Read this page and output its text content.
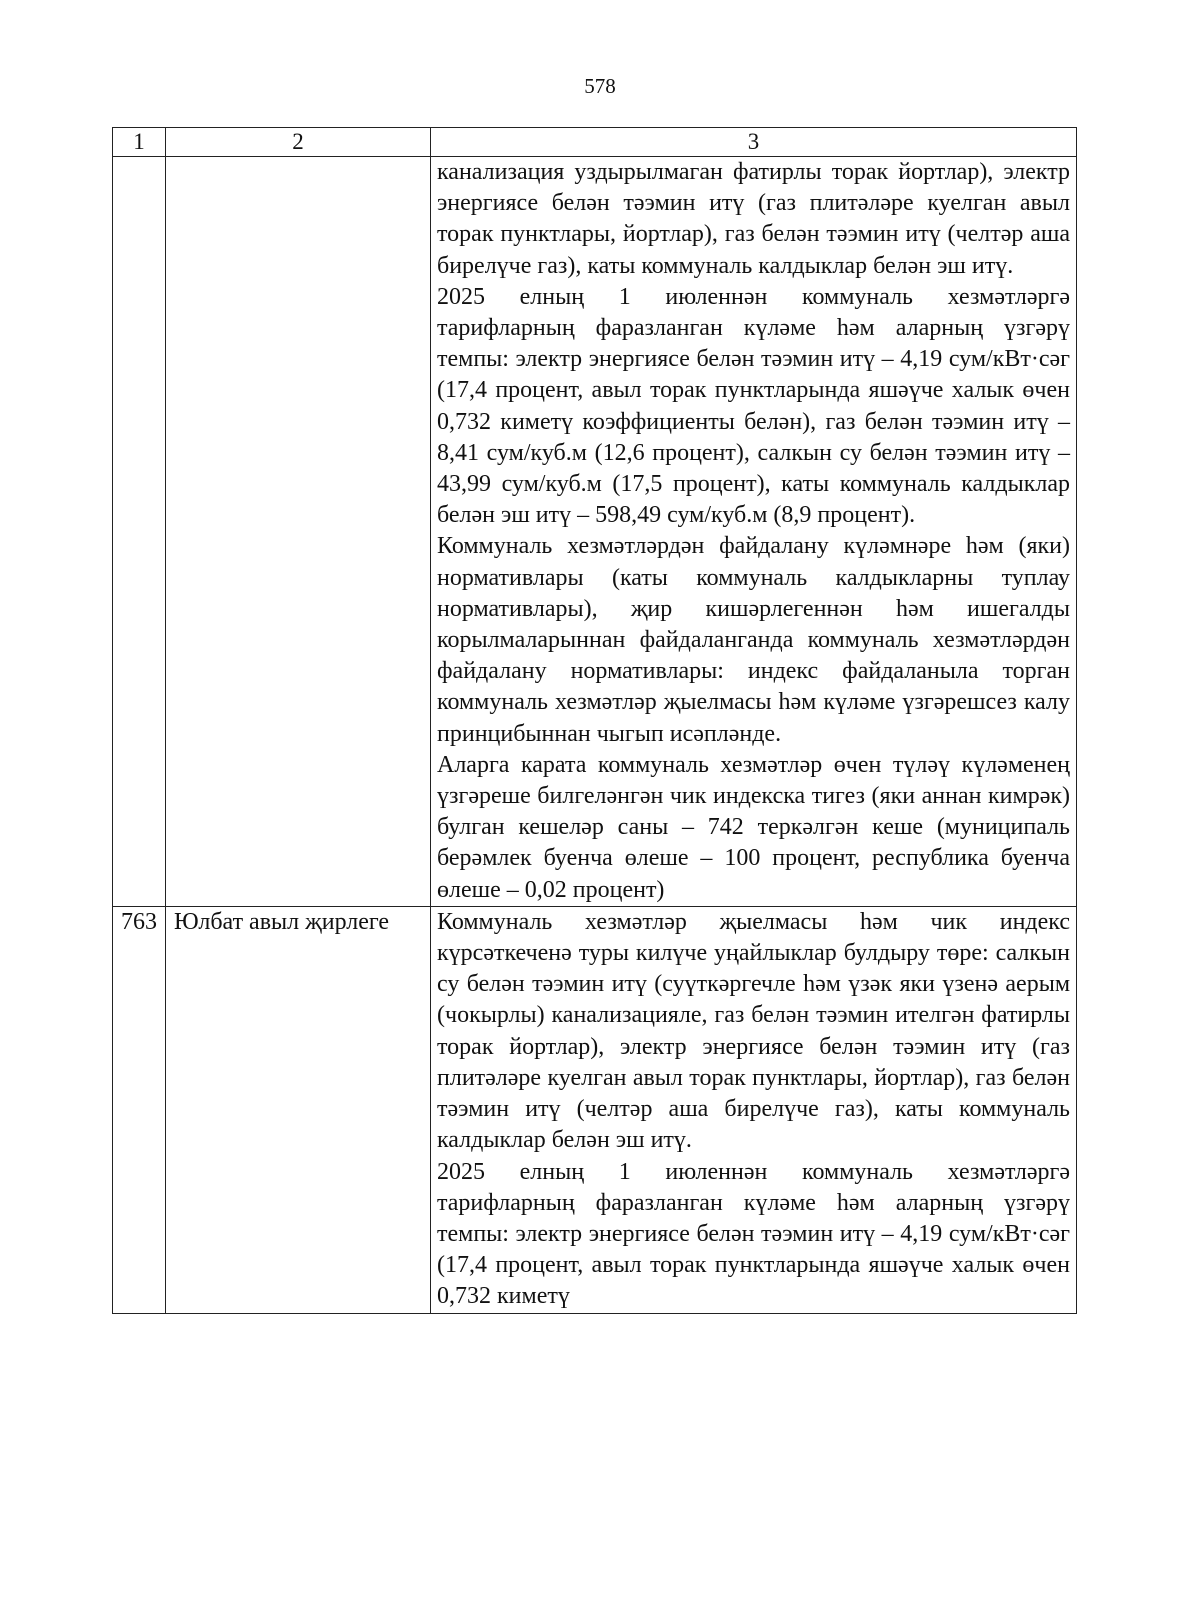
578
1	2	3

		канализация уздырылмаган фатирлы торак йортлар), электр энергиясе белән тәэмин итү (газ плитәләре куелган авыл торак пунктлары, йортлар), газ белән тәэмин итү (челтәр аша бирелүче газ), каты коммуналь калдыклар белән эш итү.

2025 елның 1 июленнән коммуналь хезмәтләргә тарифларның фаразланган күләме һәм аларның үзгәрү темпы: электр энергиясе белән тәэмин итү – 4,19 сум/кВт·сәг (17,4 процент, авыл торак пунктларында яшәүче халык өчен 0,732 киметү коэффициенты белән), газ белән тәэмин итү – 8,41 сум/куб.м (12,6 процент), салкын су белән тәэмин итү – 43,99 сум/куб.м (17,5 процент), каты коммуналь калдыклар белән эш итү – 598,49 сум/куб.м (8,9 процент).

Коммуналь хезмәтләрдән файдалану күләмнәре һәм (яки) нормативлары (каты коммуналь калдыкларны туплау нормативлары), җир кишәрлегеннән һәм ишегалды корылмаларыннан файдаланганда коммуналь хезмәтләрдән файдалану нормативлары: индекс файдаланыла торган коммуналь хезмәтләр җыелмасы һәм күләме үзгәрешсез калу принцибыннан чыгып исәпләнде.

Аларга карата коммуналь хезмәтләр өчен түләү күләменең үзгәреше билгеләнгән чик индекска тигез (яки аннан кимрәк) булган кешеләр саны – 742 теркәлгән кеше (муниципаль берәмлек буенча өлеше – 100 процент, республика буенча өлеше – 0,02 процент)

763	Юлбат авыл җирлеге	Коммуналь хезмәтләр җыелмасы һәм чик индекс күрсәткеченә туры килүче уңайлыклар булдыру төре: салкын су белән тәэмин итү (суүткәргечле һәм үзәк яки үзенә аерым (чокырлы) канализацияле, газ белән тәэмин ителгән фатирлы торак йортлар), электр энергиясе белән тәэмин итү (газ плитәләре куелган авыл торак пунктлары, йортлар), газ белән тәэмин итү (челтәр аша бирелүче газ), каты коммуналь калдыклар белән эш итү.

2025 елның 1 июленнән коммуналь хезмәтләргә тарифларның фаразланган күләме һәм аларның үзгәрү темпы: электр энергиясе белән тәэмин итү – 4,19 сум/кВт·сәг (17,4 процент, авыл торак пунктларында яшәүче халык өчен 0,732 киметү
